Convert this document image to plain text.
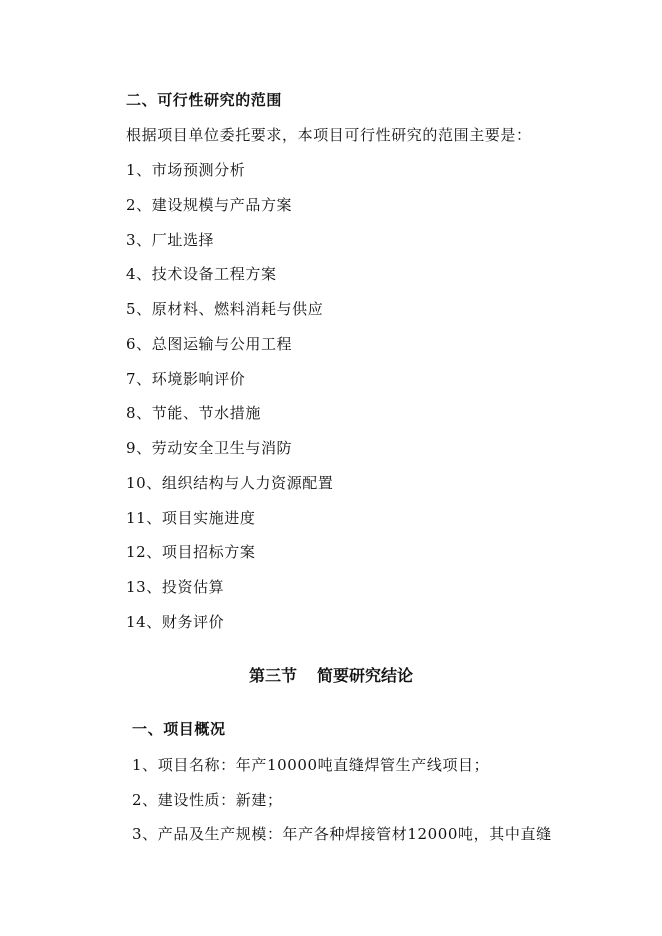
二、可行性研究的范围
根据项目单位委托要求，本项目可行性研究的范围主要是：
1、市场预测分析
2、建设规模与产品方案
3、厂址选择
4、技术设备工程方案
5、原材料、燃料消耗与供应
6、总图运输与公用工程
7、环境影响评价
8、节能、节水措施
9、劳动安全卫生与消防
10、组织结构与人力资源配置
11、项目实施进度
12、项目招标方案
13、投资估算
14、财务评价
第三节 简要研究结论
一、项目概况
1、项目名称：年产10000吨直缝焊管生产线项目；
2、建设性质：新建；
3、产品及生产规模：年产各种焊接管材12000吨，其中直缝
